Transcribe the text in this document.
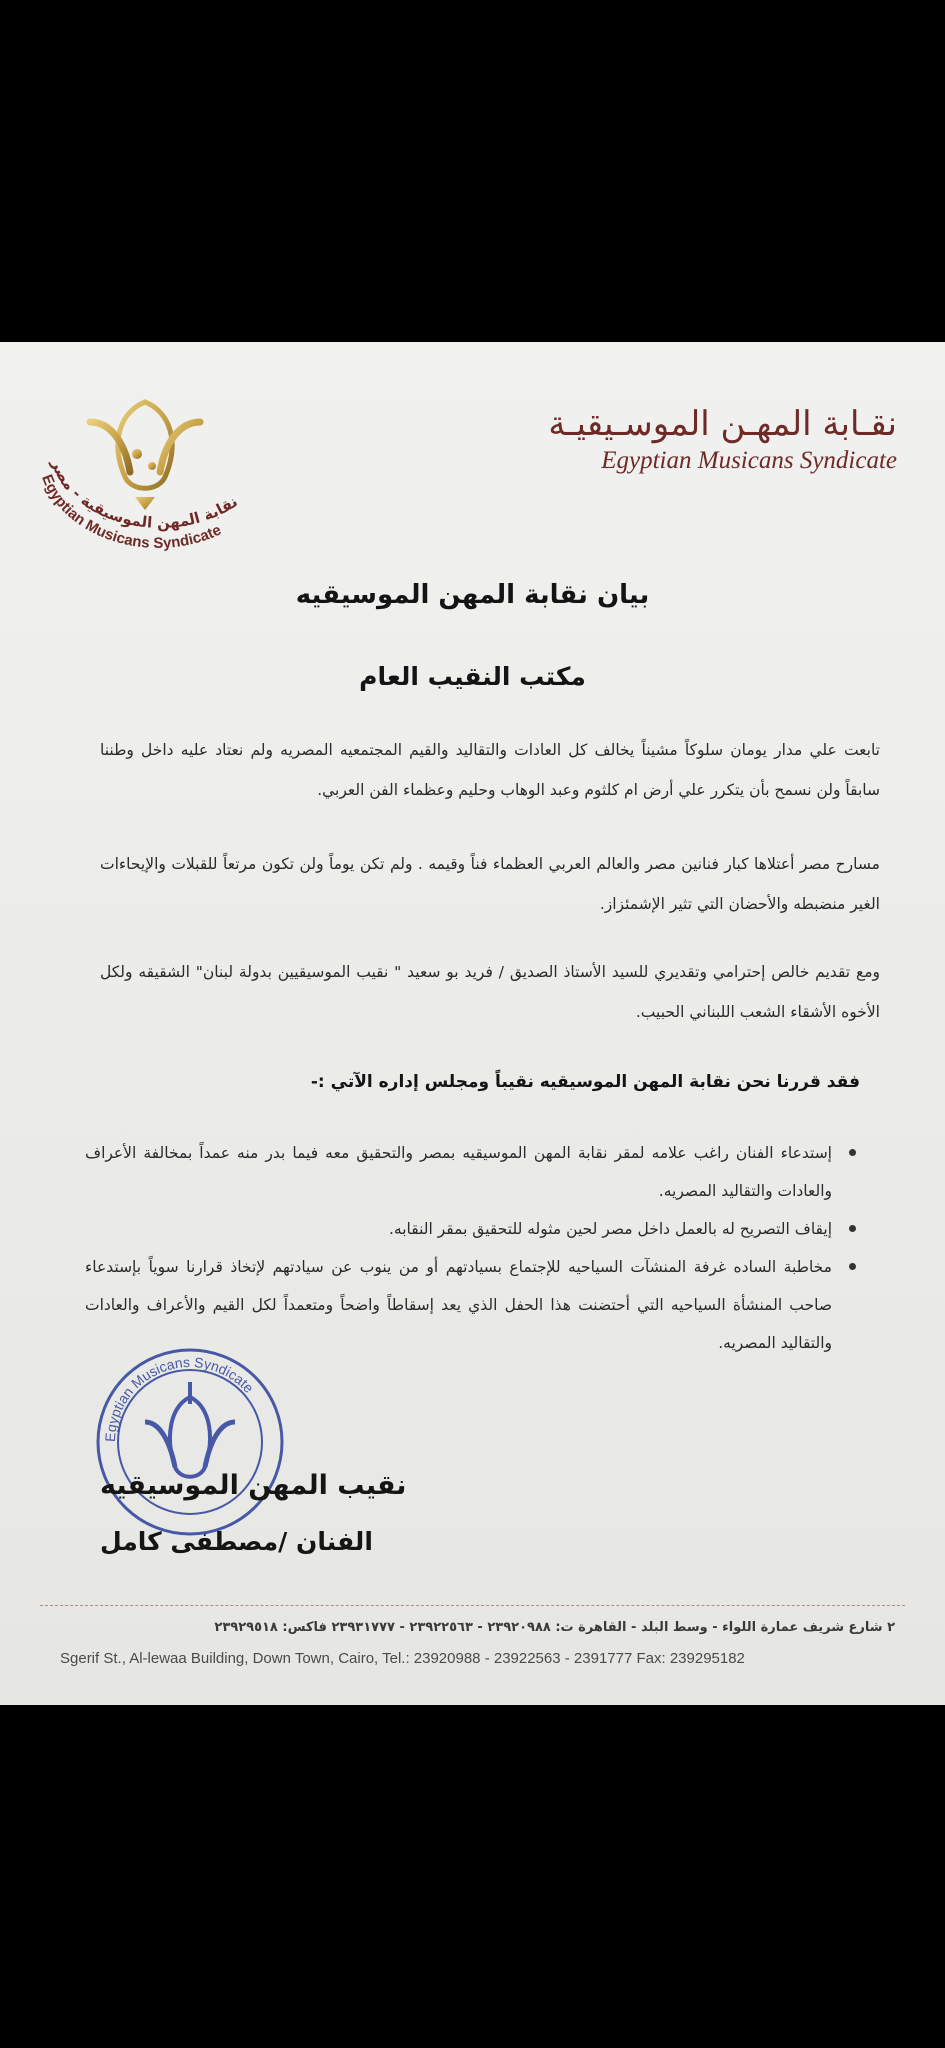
نقابة المهن الموسيقية - مصر
Egyptian Musicans Syndicate
نقـابة المهـن الموسـيقيـة
Egyptian Musicans Syndicate
بيان نقابة المهن الموسيقيه
مكتب النقيب العام
تابعت علي مدار يومان سلوكاً مشيناً يخالف كل العادات والتقاليد والقيم المجتمعيه المصريه ولم نعتاد عليه داخل وطننا سابقاً ولن نسمح بأن يتكرر علي أرض ام كلثوم وعبد الوهاب وحليم وعظماء الفن العربي.
مسارح مصر أعتلاها كبار فنانين مصر والعالم العربي العظماء فناً وقيمه . ولم تكن يوماً ولن تكون مرتعاً للقبلات والإيحاءات الغير منضبطه والأحضان التي تثير الإشمئزاز.
ومع تقديم خالص إحترامي وتقديري للسيد الأستاذ الصديق / فريد بو سعيد " نقيب الموسيقيين بدولة لبنان" الشقيقه ولكل الأخوه الأشقاء الشعب اللبناني الحبيب.
فقد قررنا نحن نقابة المهن الموسيقيه نقيباً ومجلس إداره الآتي :-
إستدعاء الفنان راغب علامه لمقر نقابة المهن الموسيقيه بمصر والتحقيق معه فيما بدر منه عمداً بمخالفة الأعراف والعادات والتقاليد المصريه.
إيقاف التصريح له بالعمل داخل مصر لحين مثوله للتحقيق بمقر النقابه.
مخاطبة الساده غرفة المنشآت السياحيه للإجتماع بسيادتهم أو من ينوب عن سيادتهم لإتخاذ قرارنا سوياً بإستدعاء صاحب المنشأة السياحيه التي أحتضنت هذا الحفل الذي يعد إسقاطاً واضحاً ومتعمداً لكل القيم والأعراف والعادات والتقاليد المصريه.
Egyptian Musicans Syndicate
نقيب المهن الموسيقيه
الفنان /مصطفى كامل
٢ شارع شريف عمارة اللواء - وسط البلد - القاهرة ت: ٢٣٩٢٠٩٨٨ - ٢٣٩٢٢٥٦٣ - ٢٣٩٣١٧٧٧ فاكس: ٢٣٩٢٩٥١٨
Sgerif St., Al-lewaa Building, Down Town, Cairo, Tel.: 23920988 - 23922563 - 2391777 Fax: 239295182
